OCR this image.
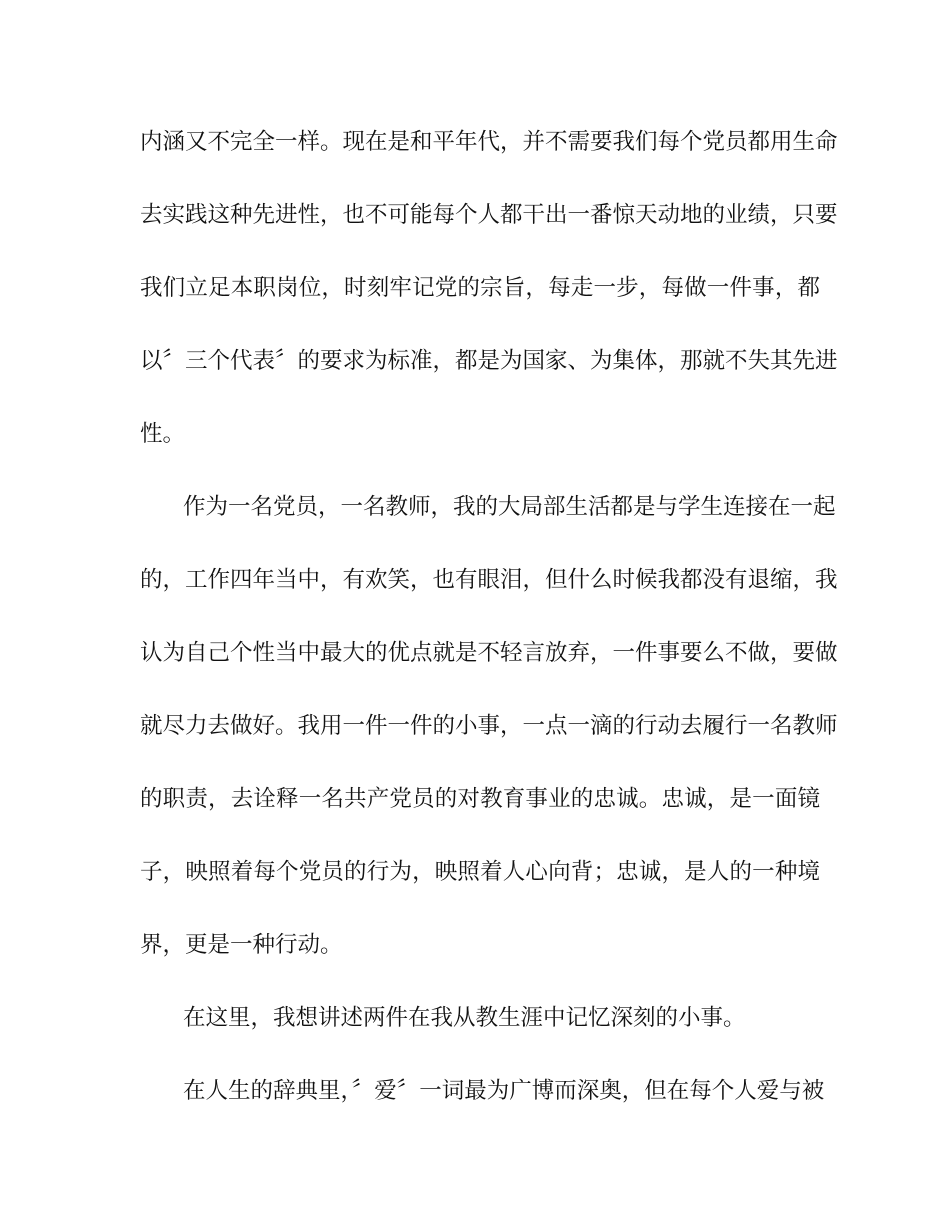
内涵又不完全一样。现在是和平年代，并不需要我们每个党员都用生命
去实践这种先进性，也不可能每个人都干出一番惊天动地的业绩，只要
我们立足本职岗位，时刻牢记党的宗旨，每走一步，每做一件事，都
以〞三个代表〞的要求为标准，都是为国家、为集体，那就不失其先进
性。
作为一名党员，一名教师，我的大局部生活都是与学生连接在一起
的，工作四年当中，有欢笑，也有眼泪，但什么时候我都没有退缩，我
认为自己个性当中最大的优点就是不轻言放弃，一件事要么不做，要做
就尽力去做好。我用一件一件的小事，一点一滴的行动去履行一名教师
的职责，去诠释一名共产党员的对教育事业的忠诚。忠诚，是一面镜
子，映照着每个党员的行为，映照着人心向背；忠诚，是人的一种境
界，更是一种行动。
在这里，我想讲述两件在我从教生涯中记忆深刻的小事。
在人生的辞典里，〞爱〞一词最为广博而深奥，但在每个人爱与被
